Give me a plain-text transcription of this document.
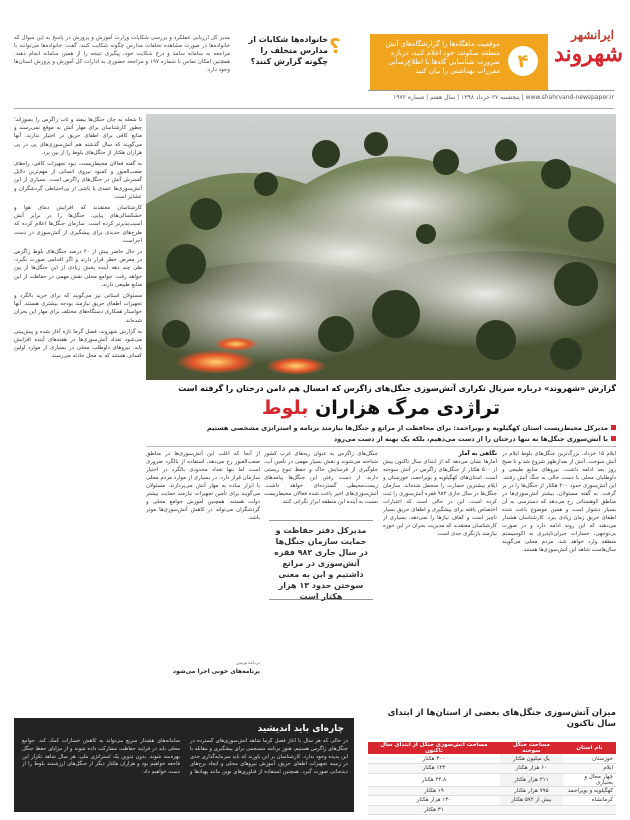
ایرانشهر
شهروند
۴
موقعیت ماهگاه‌ها را گزارشگاه‌های آتش منطقه سکونت خود اعلام کنید، درباره ضرورت شناسایی گاه‌ها با اطلاع‌رسانی مقررات بهداشتی را بیان کنید
پنجشنبه ۲۷ خرداد ۱۳۹۸ | سال هفتم | شماره ۱۹۷۲ | www.shahrvand-newspaper.ir
؟
خانواده‌ها شکایات از مدارس متخلف را چگونه گزارش کنند؟
مدیر کل ارزیابی عملکرد و بررسی شکایات وزارت آموزش و پرورش در پاسخ به این سوال که خانواده‌ها در صورت مشاهده تخلفات مدارس چگونه شکایت کنند، گفت: خانواده‌ها می‌توانند با مراجعه به سامانه سامد و درج شکایت خود، پیگیری نتیجه را از همین سامانه انجام دهند. همچنین امکان تماس با شماره ۱۹۷ و مراجعه حضوری به ادارات کل آموزش و پرورش استان‌ها وجود دارد.

تا شعله به جان جنگل‌ها بیفتد و تاب زاگرس را بسوزاند؛ چطور کارشناسان برای مهار آتش به موقع نمی‌رسند و منابع کافی برای اطفای حریق در اختیار ندارند. آنها می‌گویند که سال گذشته هم آتش‌سوزی‌های پی در پی هزاران هکتار از جنگل‌های بلوط را از بین برد.

به گفته فعالان محیط‌زیست، نبود تجهیزات کافی، راه‌های صعب‌العبور و کمبود نیروی انسانی از مهم‌ترین دلایل گسترش آتش در جنگل‌های زاگرس است. بسیاری از این آتش‌سوزی‌ها عمدی یا ناشی از بی‌احتیاطی گردشگران و عشایر است.

کارشناسان معتقدند که افزایش دمای هوا و خشکسالی‌های پیاپی، جنگل‌ها را در برابر آتش آسیب‌پذیرتر کرده است. سازمان جنگل‌ها اعلام کرده که طرح‌های جدیدی برای پیشگیری از آتش‌سوزی در دست اجراست.

در حال حاضر بیش از ۴۰ درصد جنگل‌های بلوط زاگرس در معرض خطر قرار دارند و اگر اقدامی صورت نگیرد، طی چند دهه آینده بخش زیادی از این جنگل‌ها از بین خواهد رفت. جوامع محلی نقش مهمی در حفاظت از این منابع طبیعی دارند.

مسئولان استانی نیز می‌گویند که برای خرید بالگرد و تجهیزات اطفای حریق نیازمند بودجه بیشتری هستند. آنها خواستار همکاری دستگاه‌های مختلف برای مهار این بحران شده‌اند.

به گزارش شهروند، فصل گرما تازه آغاز شده و پیش‌بینی می‌شود تعداد آتش‌سوزی‌ها در هفته‌های آینده افزایش یابد. نیروهای داوطلب محلی در بسیاری از موارد اولین کسانی هستند که به محل حادثه می‌رسند.

گزارش «شهروند» درباره سریال تکراری آتش‌سوزی جنگل‌های زاگرس که امسال هم دامن درختان را گرفته است
تراژدی مرگ هزاران بلوط
مدیرکل محیط‌زیست استان کهگیلویه و بویراحمد: برای محافظت از مراتع و جنگل‌ها نیازمند برنامه و استراتژی مشخصی هستیم
با آتش‌سوزی جنگل‌ها نه تنها درختان را از دست می‌دهیم، بلکه یک بهنه از دست می‌رود
ایلام ۱۵ خرداد، بزرگ‌ترین جنگل‌های بلوط ایلام در آتش سوخت. آتش از بعدازظهر شروع شد و تا صبح روز بعد ادامه داشت. نیروهای منابع طبیعی و داوطلبان محلی با دست خالی به جنگ آتش رفتند. این آتش‌سوزی حدود ۲۰۰ هکتار از جنگل‌ها را در بر گرفت. به گفته مسئولان، بیشتر آتش‌سوزی‌ها در مناطق کوهستانی رخ می‌دهد که دسترسی به آن بسیار دشوار است و همین موضوع باعث شده اطفای حریق زمان زیادی ببرد. کارشناسان هشدار می‌دهند که این روند ادامه دارد و در صورت بی‌توجهی، خسارات جبران‌ناپذیری به اکوسیستم منطقه وارد خواهد شد. مردم محلی می‌گویند سال‌هاست شاهد این آتش‌سوزی‌ها هستند.
نگاهی به آمار
آمارها نشان می‌دهد که از ابتدای سال تاکنون بیش از ۵۰۰ هکتار از جنگل‌های زاگرس در آتش سوخته است. استان‌های کهگیلویه و بویراحمد، خوزستان و ایلام بیشترین خسارت را متحمل شده‌اند. سازمان جنگل‌ها در سال جاری ۹۸۲ فقره آتش‌سوزی را ثبت کرده است. این در حالی است که اعتبارات اختصاص یافته برای پیشگیری و اطفای حریق بسیار ناچیز است و کفاف نیازها را نمی‌دهد. بسیاری از کارشناسان معتقدند که مدیریت بحران در این حوزه نیازمند بازنگری جدی است.
جنگل‌های زاگرس به عنوان ریه‌های غرب کشور شناخته می‌شوند و نقش بسیار مهمی در تأمین آب، جلوگیری از فرسایش خاک و حفظ تنوع زیستی دارند. از دست رفتن این جنگل‌ها پیامدهای زیست‌محیطی گسترده‌ای خواهد داشت. آتش‌سوزی‌های اخیر باعث شده فعالان محیط‌زیست نسبت به آینده این منطقه ابراز نگرانی کنند.
مدیرکل دفتر حفاظت و حمایت سازمان جنگل‌ها در سال جاری ۹۸۲ فقره آتش‌سوزی در مراتع داشتیم و این به معنی سوختن حدود ۱۳ هزار هکتار است
از آنجا که اغلب این آتش‌سوزی‌ها در مناطق صعب‌العبور رخ می‌دهد، استفاده از بالگرد ضروری است اما تنها تعداد محدودی بالگرد در اختیار سازمان قرار دارد. در بسیاری از موارد مردم محلی با ابزار ساده به مهار آتش می‌پردازند. مسئولان می‌گویند برای تأمین تجهیزات نیازمند حمایت بیشتر دولت هستند. همچنین آموزش جوامع محلی و گردشگران می‌تواند در کاهش آتش‌سوزی‌ها موثر باشد.
برنامه‌نویس
برنامه‌های خوبی اجرا می‌شود
چاره‌ای باید اندیشید
در حالی که هر سال با آغاز فصل گرما شاهد آتش‌سوزی‌های گسترده در جنگل‌های زاگرس هستیم، هنوز برنامه منسجمی برای پیشگیری و مقابله با این پدیده وجود ندارد. کارشناسان بر این باورند که باید سرمایه‌گذاری جدی در زمینه تجهیزات اطفای حریق، آموزش نیروهای محلی و ایجاد برج‌های دیده‌بانی صورت گیرد. همچنین استفاده از فناوری‌های نوین مانند پهپادها و سامانه‌های هشدار سریع می‌تواند به کاهش خسارات کمک کند. جوامع محلی باید در فرایند حفاظت مشارکت داده شوند و از مزایای حفظ جنگل بهره‌مند شوند. بدون تدوین یک استراتژی ملی، هر سال شاهد تکرار این فاجعه خواهیم بود و هزاران هکتار دیگر از جنگل‌های ارزشمند بلوط را از دست خواهیم داد.
میزان آتش‌سوزی جنگل‌های بعضی از استان‌ها از ابتدای سال تاکنون
نام استان	مساحت جنگل سوخته	مساحت آتش‌سوزی جنگل از ابتدای سال تاکنون
خوزستان	یک میلیون هکتار	۳۰۰ هکتار
ایلام	۶۰ هزار هکتار	۱۴۳ هکتار
چهار محال و بختیاری	۲۱۱ هزار هکتار	۴۴.۸ هکتار
کهگیلویه و بویراحمد	۷۹۵ هزار هکتار	۱۹ هکتار
کرمانشاه	بیش از ۵۷۲ هکتار	۱۳۰ هزار هکتار
		۳۱ هکتار
